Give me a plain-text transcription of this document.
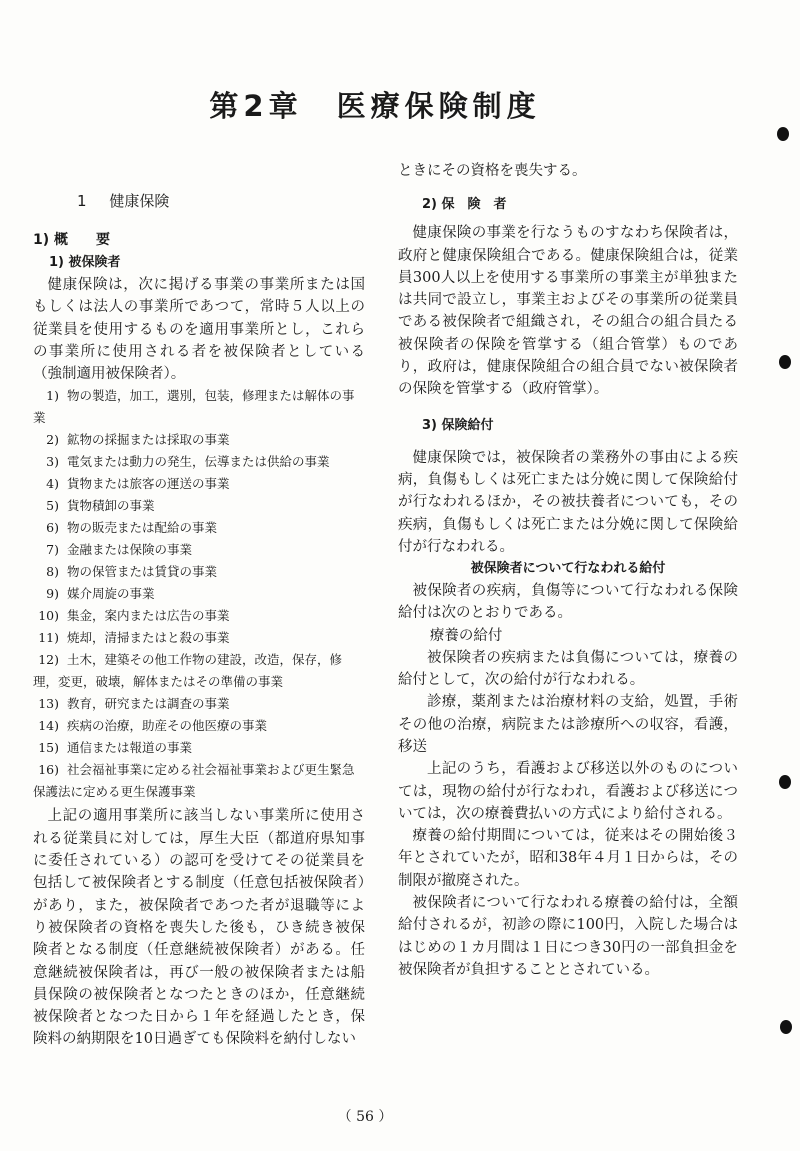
第2章　医療保険制度
1 健康保険
1) 概　　要
1) 被保険者

健康保険は，次に掲げる事業の事業所または国もしくは法人の事業所であつて，常時５人以上の従業員を使用するものを適用事業所とし，これらの事業所に使用される者を被保険者としている（強制適用被保険者）。

1) 物の製造，加工，選別，包装，修理または解体の事業
2) 鉱物の採掘または採取の事業
3) 電気または動力の発生，伝導または供給の事業
4) 貨物または旅客の運送の事業
5) 貨物積卸の事業
6) 物の販売または配給の事業
7) 金融または保険の事業
8) 物の保管または賃貸の事業
9) 媒介周旋の事業
10) 集金，案内または広告の事業
11) 焼却，清掃またはと殺の事業
12) 土木，建築その他工作物の建設，改造，保存，修理，変更，破壊，解体またはその準備の事業
13) 教育，研究または調査の事業
14) 疾病の治療，助産その他医療の事業
15) 通信または報道の事業
16) 社会福祉事業に定める社会福祉事業および更生緊急保護法に定める更生保護事業

上記の適用事業所に該当しない事業所に使用される従業員に対しては，厚生大臣（都道府県知事に委任されている）の認可を受けてその従業員を包括して被保険者とする制度（任意包括被保険者）があり，また，被保険者であつた者が退職等により被保険者の資格を喪失した後も，ひき続き被保険者となる制度（任意継続被保険者）がある。任意継続被保険者は，再び一般の被保険者または船員保険の被保険者となつたときのほか，任意継続被保険者となつた日から１年を経過したとき，保険料の納期限を10日過ぎても保険料を納付しない

ときにその資格を喪失する。

2) 保　険　者

健康保険の事業を行なうものすなわち保険者は，政府と健康保険組合である。健康保険組合は，従業員300人以上を使用する事業所の事業主が単独または共同で設立し，事業主およびその事業所の従業員である被保険者で組織され，その組合の組合員たる被保険者の保険を管掌する（組合管掌）ものであり，政府は，健康保険組合の組合員でない被保険者の保険を管掌する（政府管掌）。

3) 保険給付

健康保険では，被保険者の業務外の事由による疾病，負傷もしくは死亡または分娩に関して保険給付が行なわれるほか，その被扶養者についても，その疾病，負傷もしくは死亡または分娩に関して保険給付が行なわれる。

被保険者について行なわれる給付

被保険者の疾病，負傷等について行なわれる保険給付は次のとおりである。

療養の給付

被保険者の疾病または負傷については，療養の給付として，次の給付が行なわれる。

診療，薬剤または治療材料の支給，処置，手術その他の治療，病院または診療所への収容，看護，移送

上記のうち，看護および移送以外のものについては，現物の給付が行なわれ，看護および移送については，次の療養費払いの方式により給付される。

療養の給付期間については，従来はその開始後３年とされていたが，昭和38年４月１日からは，その制限が撤廃された。

被保険者について行なわれる療養の給付は，全額給付されるが，初診の際に100円，入院した場合ははじめの１カ月間は１日につき30円の一部負担金を被保険者が負担することとされている。

（ 56 ）
